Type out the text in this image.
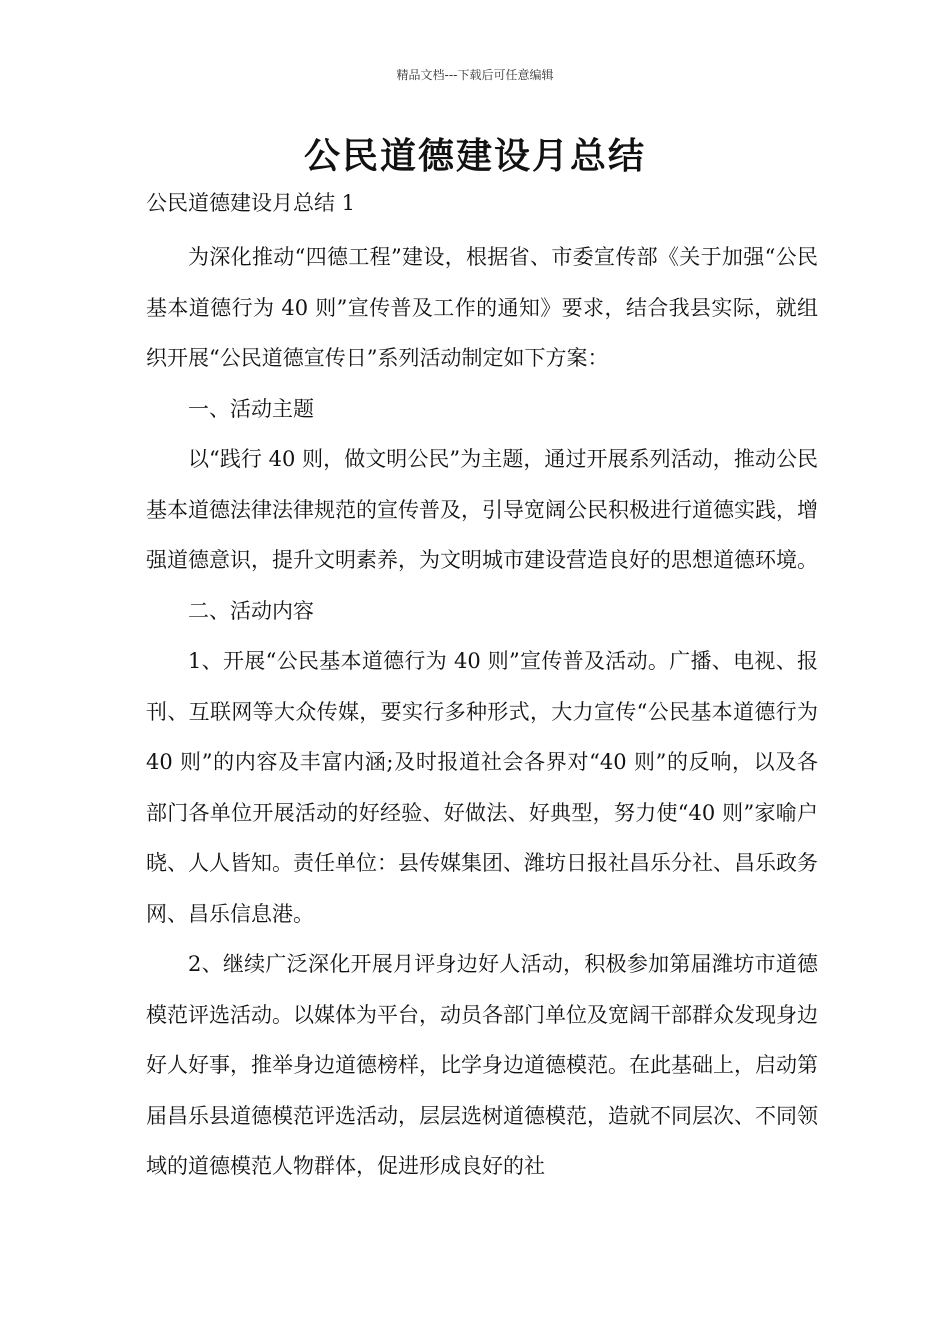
精品文档---下载后可任意编辑
公民道德建设月总结

公民道德建设月总结 1

为深化推动“四德工程”建设，根据省、市委宣传部《关于加强“公民基本道德行为 40 则”宣传普及工作的通知》要求，结合我县实际，就组织开展“公民道德宣传日”系列活动制定如下方案：

一、活动主题

以“践行 40 则，做文明公民”为主题，通过开展系列活动，推动公民基本道德法律法律规范的宣传普及，引导宽阔公民积极进行道德实践，增强道德意识，提升文明素养，为文明城市建设营造良好的思想道德环境。

二、活动内容

1、开展“公民基本道德行为 40 则”宣传普及活动。广播、电视、报刊、互联网等大众传媒，要实行多种形式，大力宣传“公民基本道德行为 40 则”的内容及丰富内涵;及时报道社会各界对“40 则”的反响，以及各部门各单位开展活动的好经验、好做法、好典型，努力使“40 则”家喻户晓、人人皆知。责任单位：县传媒集团、潍坊日报社昌乐分社、昌乐政务网、昌乐信息港。

2、继续广泛深化开展月评身边好人活动，积极参加第届潍坊市道德模范评选活动。以媒体为平台，动员各部门单位及宽阔干部群众发现身边好人好事，推举身边道德榜样，比学身边道德模范。在此基础上，启动第届昌乐县道德模范评选活动，层层选树道德模范，造就不同层次、不同领域的道德模范人物群体，促进形成良好的社
